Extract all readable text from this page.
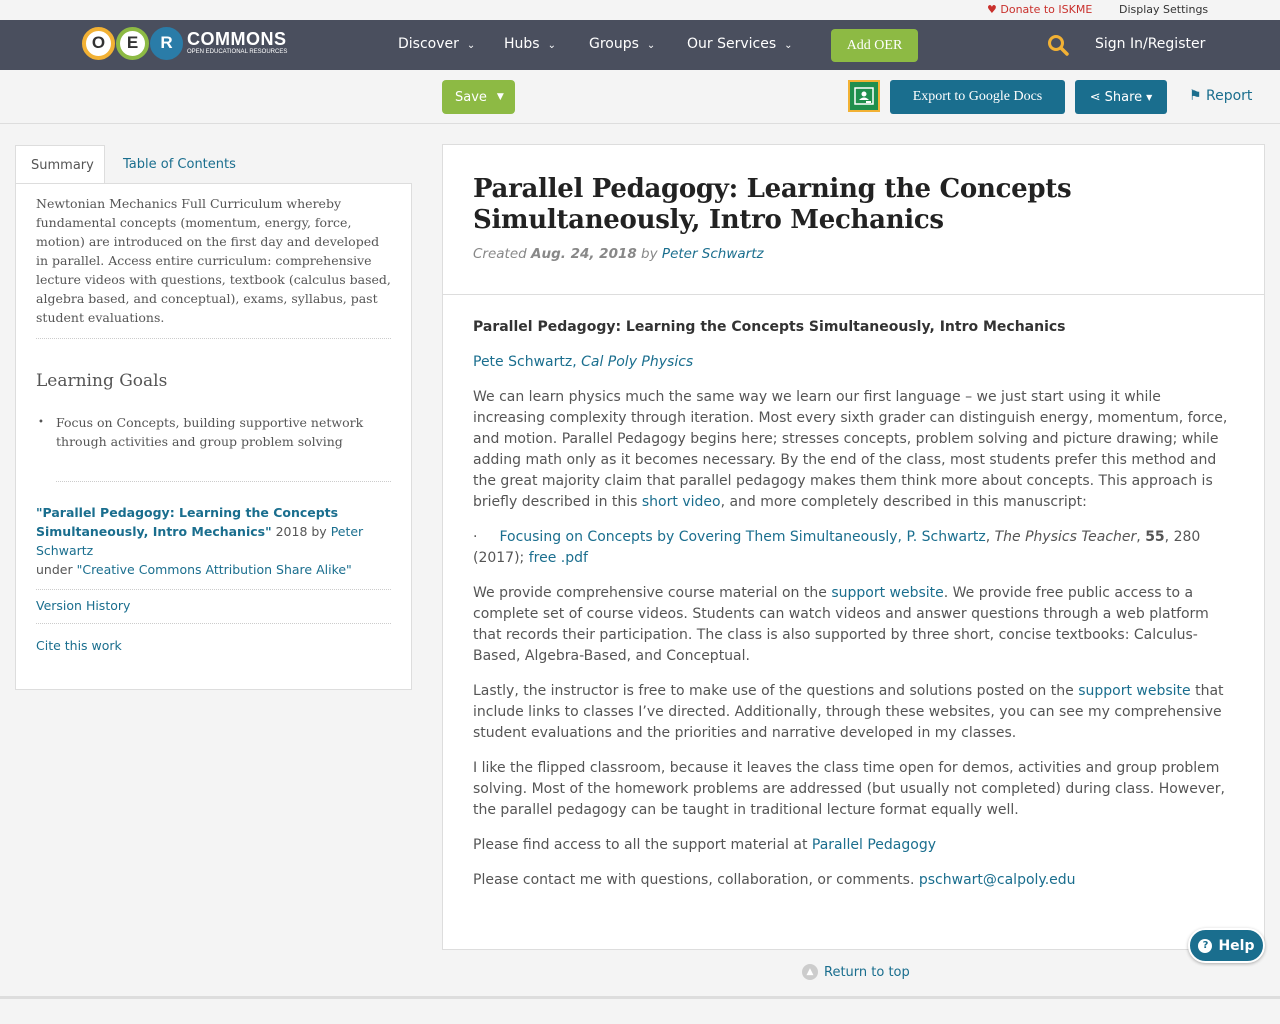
♥ Donate to ISKME Display Settings
O	E	R COMMONS
OPEN EDUCATIONAL RESOURCES	Discover ⌄ Hubs ⌄ Groups ⌄ Our Services ⌄	Add OER	Sign In/Register
Save ▼	Export to Google Docs	⋖ Share ▼	⚑ Report
Summary	Table of Contents
Newtonian Mechanics Full Curriculum whereby fundamental concepts (momentum, energy, force, motion) are introduced on the first day and developed in parallel. Access entire curriculum: comprehensive lecture videos with questions, textbook (calculus based, algebra based, and conceptual), exams, syllabus, past student evaluations.
Learning Goals
• Focus on Concepts, building supportive network through activities and group problem solving
"Parallel Pedagogy: Learning the Concepts Simultaneously, Intro Mechanics" 2018 by Peter Schwartz
under "Creative Commons Attribution Share Alike"
Version History
Cite this work
Parallel Pedagogy: Learning the Concepts Simultaneously, Intro Mechanics
Created Aug. 24, 2018 by Peter Schwartz

Parallel Pedagogy: Learning the Concepts Simultaneously, Intro Mechanics

Pete Schwartz, Cal Poly Physics

We can learn physics much the same way we learn our first language – we just start using it while increasing complexity through iteration. Most every sixth grader can distinguish energy, momentum, force, and motion. Parallel Pedagogy begins here; stresses concepts, problem solving and picture drawing; while adding math only as it becomes necessary. By the end of the class, most students prefer this method and the great majority claim that parallel pedagogy makes them think more about concepts. This approach is briefly described in this short video, and more completely described in this manuscript:

· Focusing on Concepts by Covering Them Simultaneously, P. Schwartz, The Physics Teacher, 55, 280 (2017); free .pdf

We provide comprehensive course material on the support website. We provide free public access to a complete set of course videos. Students can watch videos and answer questions through a web platform that records their participation. The class is also supported by three short, concise textbooks: Calculus-Based, Algebra-Based, and Conceptual.

Lastly, the instructor is free to make use of the questions and solutions posted on the support website that include links to classes I’ve directed. Additionally, through these websites, you can see my comprehensive student evaluations and the priorities and narrative developed in my classes.

I like the flipped classroom, because it leaves the class time open for demos, activities and group problem solving. Most of the homework problems are addressed (but usually not completed) during class. However, the parallel pedagogy can be taught in traditional lecture format equally well.

Please find access to all the support material at Parallel Pedagogy

Please contact me with questions, collaboration, or comments. pschwart@calpoly.edu

▲ Return to top
? Help
